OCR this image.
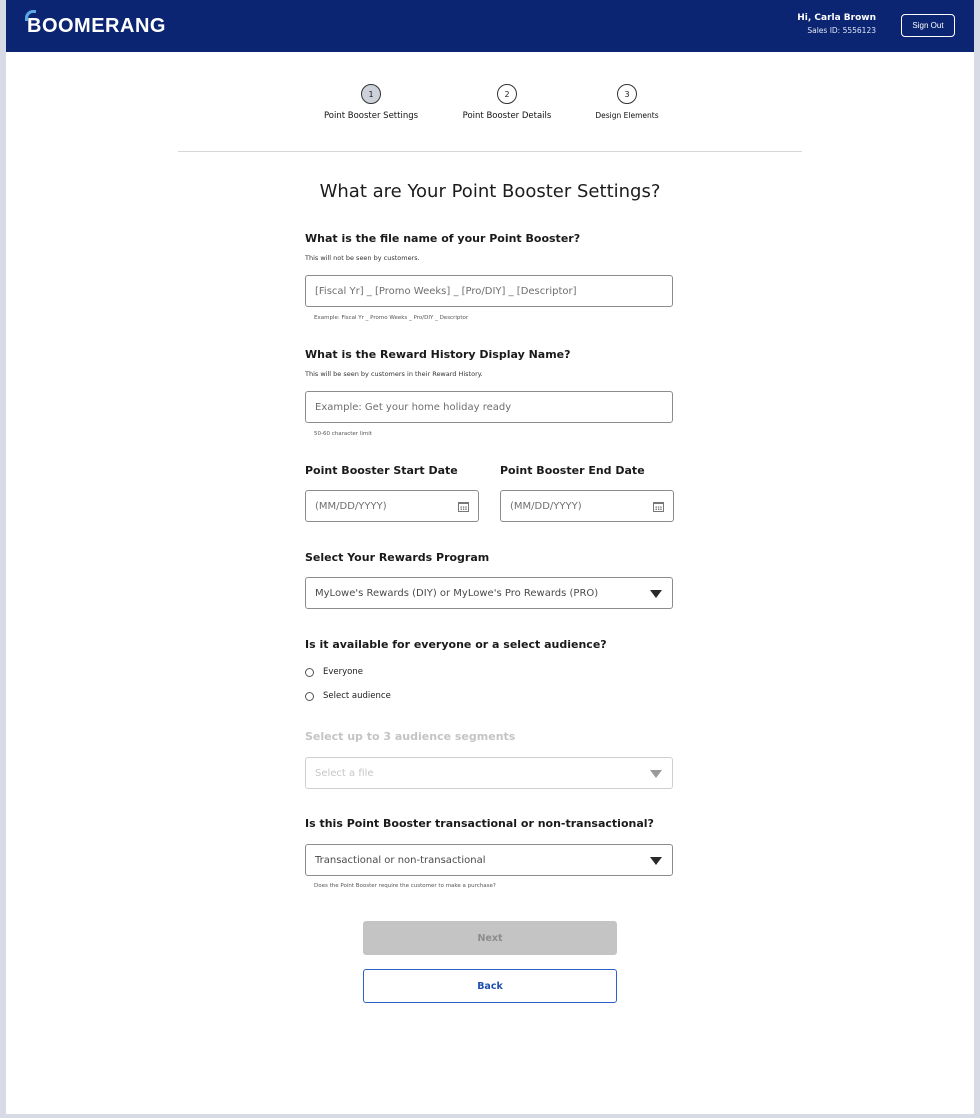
BOOMERANG	Hi, Carla Brown
Sales ID: 5556123
Sign Out
1
Point Booster Settings
2
Point Booster Details
3
Design Elements
What are Your Point Booster Settings?
What is the file name of your Point Booster?
This will not be seen by customers.
[Fiscal Yr] _ [Promo Weeks] _ [Pro/DIY] _ [Descriptor]
Example: Fiscal Yr _ Promo Weeks _ Pro/DIY _ Descriptor
What is the Reward History Display Name?
This will be seen by customers in their Reward History.
Example: Get your home holiday ready
50-60 character limit
Point Booster Start Date	Point Booster End Date
(MM/DD/YYYY)	(MM/DD/YYYY)
Select Your Rewards Program
MyLowe's Rewards (DIY) or MyLowe's Pro Rewards (PRO)
Is it available for everyone or a select audience?
Everyone
Select audience
Select up to 3 audience segments
Select a file
Is this Point Booster transactional or non-transactional?
Transactional or non-transactional
Does the Point Booster require the customer to make a purchase?
Next
Back
